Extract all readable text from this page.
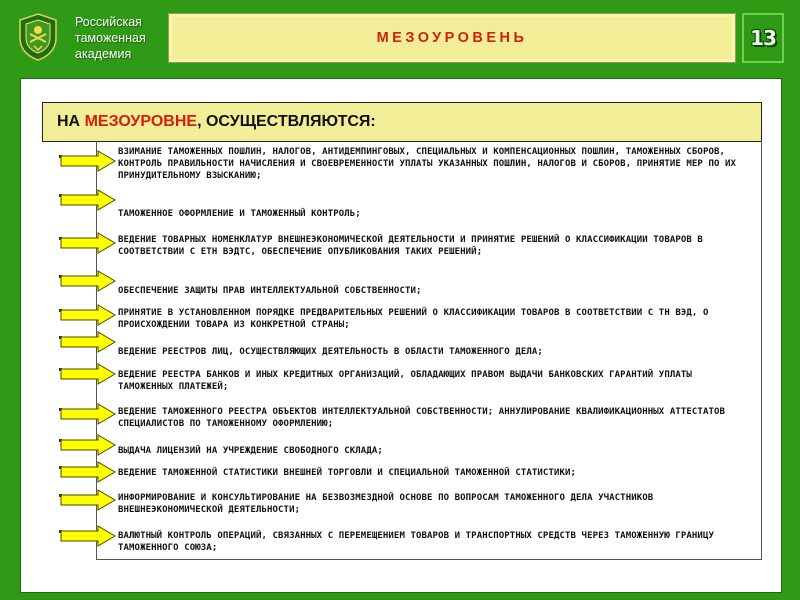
Российская
таможенная
академия
МЕЗОУРОВЕНЬ	13
НА МЕЗОУРОВНЕ , ОСУЩЕСТВЛЯЮТСЯ:
ВЗИМАНИЕ ТАМОЖЕННЫХ ПОШЛИН, НАЛОГОВ, АНТИДЕМПИНГОВЫХ, СПЕЦИАЛЬНЫХ И КОМПЕНСАЦИОННЫХ ПОШЛИН, ТАМОЖЕННЫХ СБОРОВ, КОНТРОЛЬ ПРАВИЛЬНОСТИ НАЧИСЛЕНИЯ И СВОЕВРЕМЕННОСТИ УПЛАТЫ УКАЗАННЫХ ПОШЛИН, НАЛОГОВ И СБОРОВ, ПРИНЯТИЕ МЕР ПО ИХ ПРИНУДИТЕЛЬНОМУ ВЗЫСКАНИЮ;
ТАМОЖЕННОЕ ОФОРМЛЕНИЕ И ТАМОЖЕННЫЙ КОНТРОЛЬ;
ВЕДЕНИЕ ТОВАРНЫХ НОМЕНКЛАТУР ВНЕШНЕЭКОНОМИЧЕСКОЙ ДЕЯТЕЛЬНОСТИ И ПРИНЯТИЕ РЕШЕНИЙ О КЛАССИФИКАЦИИ ТОВАРОВ В СООТВЕТСТВИИ С ЕТН ВЭДТС, ОБЕСПЕЧЕНИЕ ОПУБЛИКОВАНИЯ ТАКИХ РЕШЕНИЙ;
ОБЕСПЕЧЕНИЕ ЗАЩИТЫ ПРАВ ИНТЕЛЛЕКТУАЛЬНОЙ СОБСТВЕННОСТИ;
ПРИНЯТИЕ В УСТАНОВЛЕННОМ ПОРЯДКЕ ПРЕДВАРИТЕЛЬНЫХ РЕШЕНИЙ О КЛАССИФИКАЦИИ ТОВАРОВ В СООТВЕТСТВИИ С ТН ВЭД, О ПРОИСХОЖДЕНИИ ТОВАРА ИЗ КОНКРЕТНОЙ СТРАНЫ;
ВЕДЕНИЕ РЕЕСТРОВ ЛИЦ, ОСУЩЕСТВЛЯЮЩИХ ДЕЯТЕЛЬНОСТЬ В ОБЛАСТИ ТАМОЖЕННОГО ДЕЛА;
ВЕДЕНИЕ РЕЕСТРА БАНКОВ И ИНЫХ КРЕДИТНЫХ ОРГАНИЗАЦИЙ, ОБЛАДАЮЩИХ ПРАВОМ ВЫДАЧИ БАНКОВСКИХ ГАРАНТИЙ УПЛАТЫ ТАМОЖЕННЫХ ПЛАТЕЖЕЙ;
ВЕДЕНИЕ ТАМОЖЕННОГО РЕЕСТРА ОБЪЕКТОВ ИНТЕЛЛЕКТУАЛЬНОЙ СОБСТВЕННОСТИ; АННУЛИРОВАНИЕ КВАЛИФИКАЦИОННЫХ АТТЕСТАТОВ СПЕЦИАЛИСТОВ ПО ТАМОЖЕННОМУ ОФОРМЛЕНИЮ;
ВЫДАЧА ЛИЦЕНЗИЙ НА УЧРЕЖДЕНИЕ СВОБОДНОГО СКЛАДА;
ВЕДЕНИЕ ТАМОЖЕННОЙ СТАТИСТИКИ ВНЕШНЕЙ ТОРГОВЛИ И СПЕЦИАЛЬНОЙ ТАМОЖЕННОЙ СТАТИСТИКИ;
ИНФОРМИРОВАНИЕ И КОНСУЛЬТИРОВАНИЕ НА БЕЗВОЗМЕЗДНОЙ ОСНОВЕ ПО ВОПРОСАМ ТАМОЖЕННОГО ДЕЛА УЧАСТНИКОВ ВНЕШНЕЭКОНОМИЧЕСКОЙ ДЕЯТЕЛЬНОСТИ;
ВАЛЮТНЫЙ КОНТРОЛЬ ОПЕРАЦИЙ, СВЯЗАННЫХ С ПЕРЕМЕЩЕНИЕМ ТОВАРОВ И ТРАНСПОРТНЫХ СРЕДСТВ ЧЕРЕЗ ТАМОЖЕННУЮ ГРАНИЦУ ТАМОЖЕННОГО СОЮЗА;
